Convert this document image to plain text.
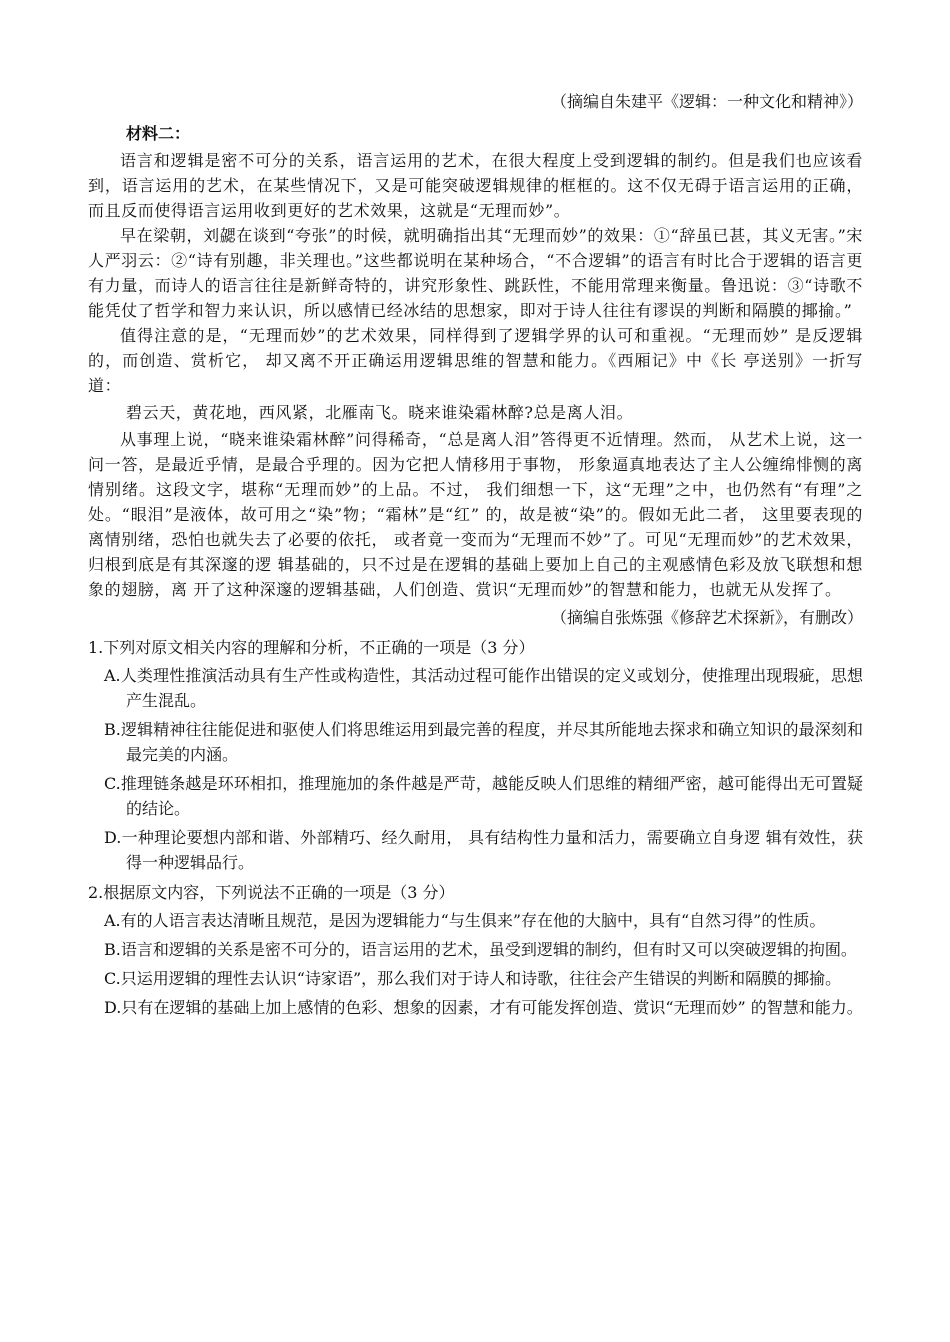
（摘编自朱建平《逻辑：一种文化和精神》）

材料二：

语言和逻辑是密不可分的关系，语言运用的艺术，在很大程度上受到逻辑的制约。但是我们也应该看到，语言运用的艺术，在某些情况下，又是可能突破逻辑规律的框框的。这不仅无碍于语言运用的正确，而且反而使得语言运用收到更好的艺术效果，这就是“无理而妙”。

早在梁朝，刘勰在谈到“夸张”的时候，就明确指出其“无理而妙”的效果：①“辞虽已甚，其义无害。”宋人严羽云：②“诗有别趣，非关理也。”这些都说明在某种场合，“不合逻辑”的语言有时比合于逻辑的语言更有力量，而诗人的语言往往是新鲜奇特的，讲究形象性、跳跃性，不能用常理来衡量。鲁迅说：③“诗歌不能凭仗了哲学和智力来认识，所以感情已经冰结的思想家，即对于诗人往往有谬误的判断和隔膜的揶揄。”

值得注意的是，“无理而妙”的艺术效果，同样得到了逻辑学界的认可和重视。“无理而妙” 是反逻辑的，而创造、赏析它， 却又离不开正确运用逻辑思维的智慧和能力。《西厢记》中《长 亭送别》一折写道：

碧云天，黄花地，西风紧，北雁南飞。晓来谁染霜林醉?总是离人泪。

从事理上说，“晓来谁染霜林醉”问得稀奇，“总是离人泪”答得更不近情理。然而， 从艺术上说，这一问一答，是最近乎情，是最合乎理的。因为它把人情移用于事物， 形象逼真地表达了主人公缠绵悱恻的离情别绪。这段文字，堪称“无理而妙”的上品。不过， 我们细想一下，这“无理”之中，也仍然有“有理”之处。“眼泪”是液体，故可用之“染”物；“霜林”是“红” 的，故是被“染”的。假如无此二者， 这里要表现的离情别绪，恐怕也就失去了必要的依托， 或者竟一变而为“无理而不妙”了。可见“无理而妙”的艺术效果，归根到底是有其深邃的逻 辑基础的，只不过是在逻辑的基础上要加上自己的主观感情色彩及放飞联想和想象的翅膀，离 开了这种深邃的逻辑基础，人们创造、赏识“无理而妙”的智慧和能力，也就无从发挥了。

（摘编自张炼强《修辞艺术探新》，有删改）

1.下列对原文相关内容的理解和分析，不正确的一项是（3 分）

A.人类理性推演活动具有生产性或构造性，其活动过程可能作出错误的定义或划分，使推理出现瑕疵，思想产生混乱。

B.逻辑精神往往能促进和驱使人们将思维运用到最完善的程度，并尽其所能地去探求和确立知识的最深刻和最完美的内涵。

C.推理链条越是环环相扣，推理施加的条件越是严苛，越能反映人们思维的精细严密，越可能得出无可置疑的结论。

D.一种理论要想内部和谐、外部精巧、经久耐用， 具有结构性力量和活力，需要确立自身逻 辑有效性，获得一种逻辑品行。

2.根据原文内容，下列说法不正确的一项是（3 分）

A.有的人语言表达清晰且规范，是因为逻辑能力“与生俱来”存在他的大脑中，具有“自然习得”的性质。

B.语言和逻辑的关系是密不可分的，语言运用的艺术，虽受到逻辑的制约，但有时又可以突破逻辑的拘囿。

C.只运用逻辑的理性去认识“诗家语”，那么我们对于诗人和诗歌，往往会产生错误的判断和隔膜的揶揄。

D.只有在逻辑的基础上加上感情的色彩、想象的因素，才有可能发挥创造、赏识“无理而妙” 的智慧和能力。
